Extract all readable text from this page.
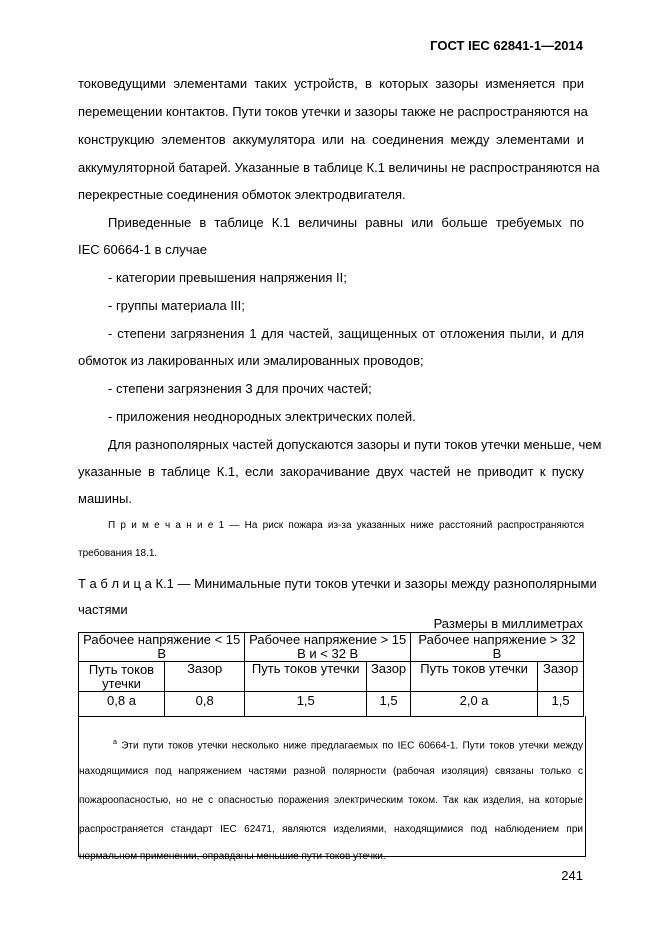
ГОСТ IEC 62841-1—2014
токоведущими элементами таких устройств, в которых зазоры изменяется при
перемещении контактов. Пути токов утечки и зазоры также не распространяются на
конструкцию элементов аккумулятора или на соединения между элементами и
аккумуляторной батарей. Указанные в таблице К.1 величины не распространяются на
перекрестные соединения обмоток электродвигателя.
Приведенные в таблице К.1 величины равны или больше требуемых по
IEC 60664-1 в случае
- категории превышения напряжения II;
- группы материала III;
- степени загрязнения 1 для частей, защищенных от отложения пыли, и для
обмоток из лакированных или эмалированных проводов;
- степени загрязнения 3 для прочих частей;
- приложения неоднородных электрических полей.
Для разнополярных частей допускаются зазоры и пути токов утечки меньше, чем
указанные в таблице К.1, если закорачивание двух частей не приводит к пуску
машины.
П р и м е ч а н и е 1 — На риск пожара из-за указанных ниже расстояний распространяются
требования 18.1.
Т а б л и ц а К.1 — Минимальные пути токов утечки и зазоры между разнополярными
частями
Размеры в миллиметрах
Рабочее напряжение < 15 В		Рабочее напряжение > 15 В и < 32 В		Рабочее напряжение > 32 В	
Путь токов утечки	Зазор	Путь токов утечки	Зазор	Путь токов утечки	Зазор
0,8 a	0,8	1,5	1,5	2,0 a	1,5
$^a$ Эти пути токов утечки несколько ниже предлагаемых по IEC 60664-1. Пути токов утечки между
находящимися под напряжением частями разной полярности (рабочая изоляция) связаны только с
пожароопасностью, но не с опасностью поражения электрическим током. Так как изделия, на которые
распространяется стандарт IEC 62471, являются изделиями, находящимися под наблюдением при
нормальном применении, оправданы меньшие пути токов утечки.
241
